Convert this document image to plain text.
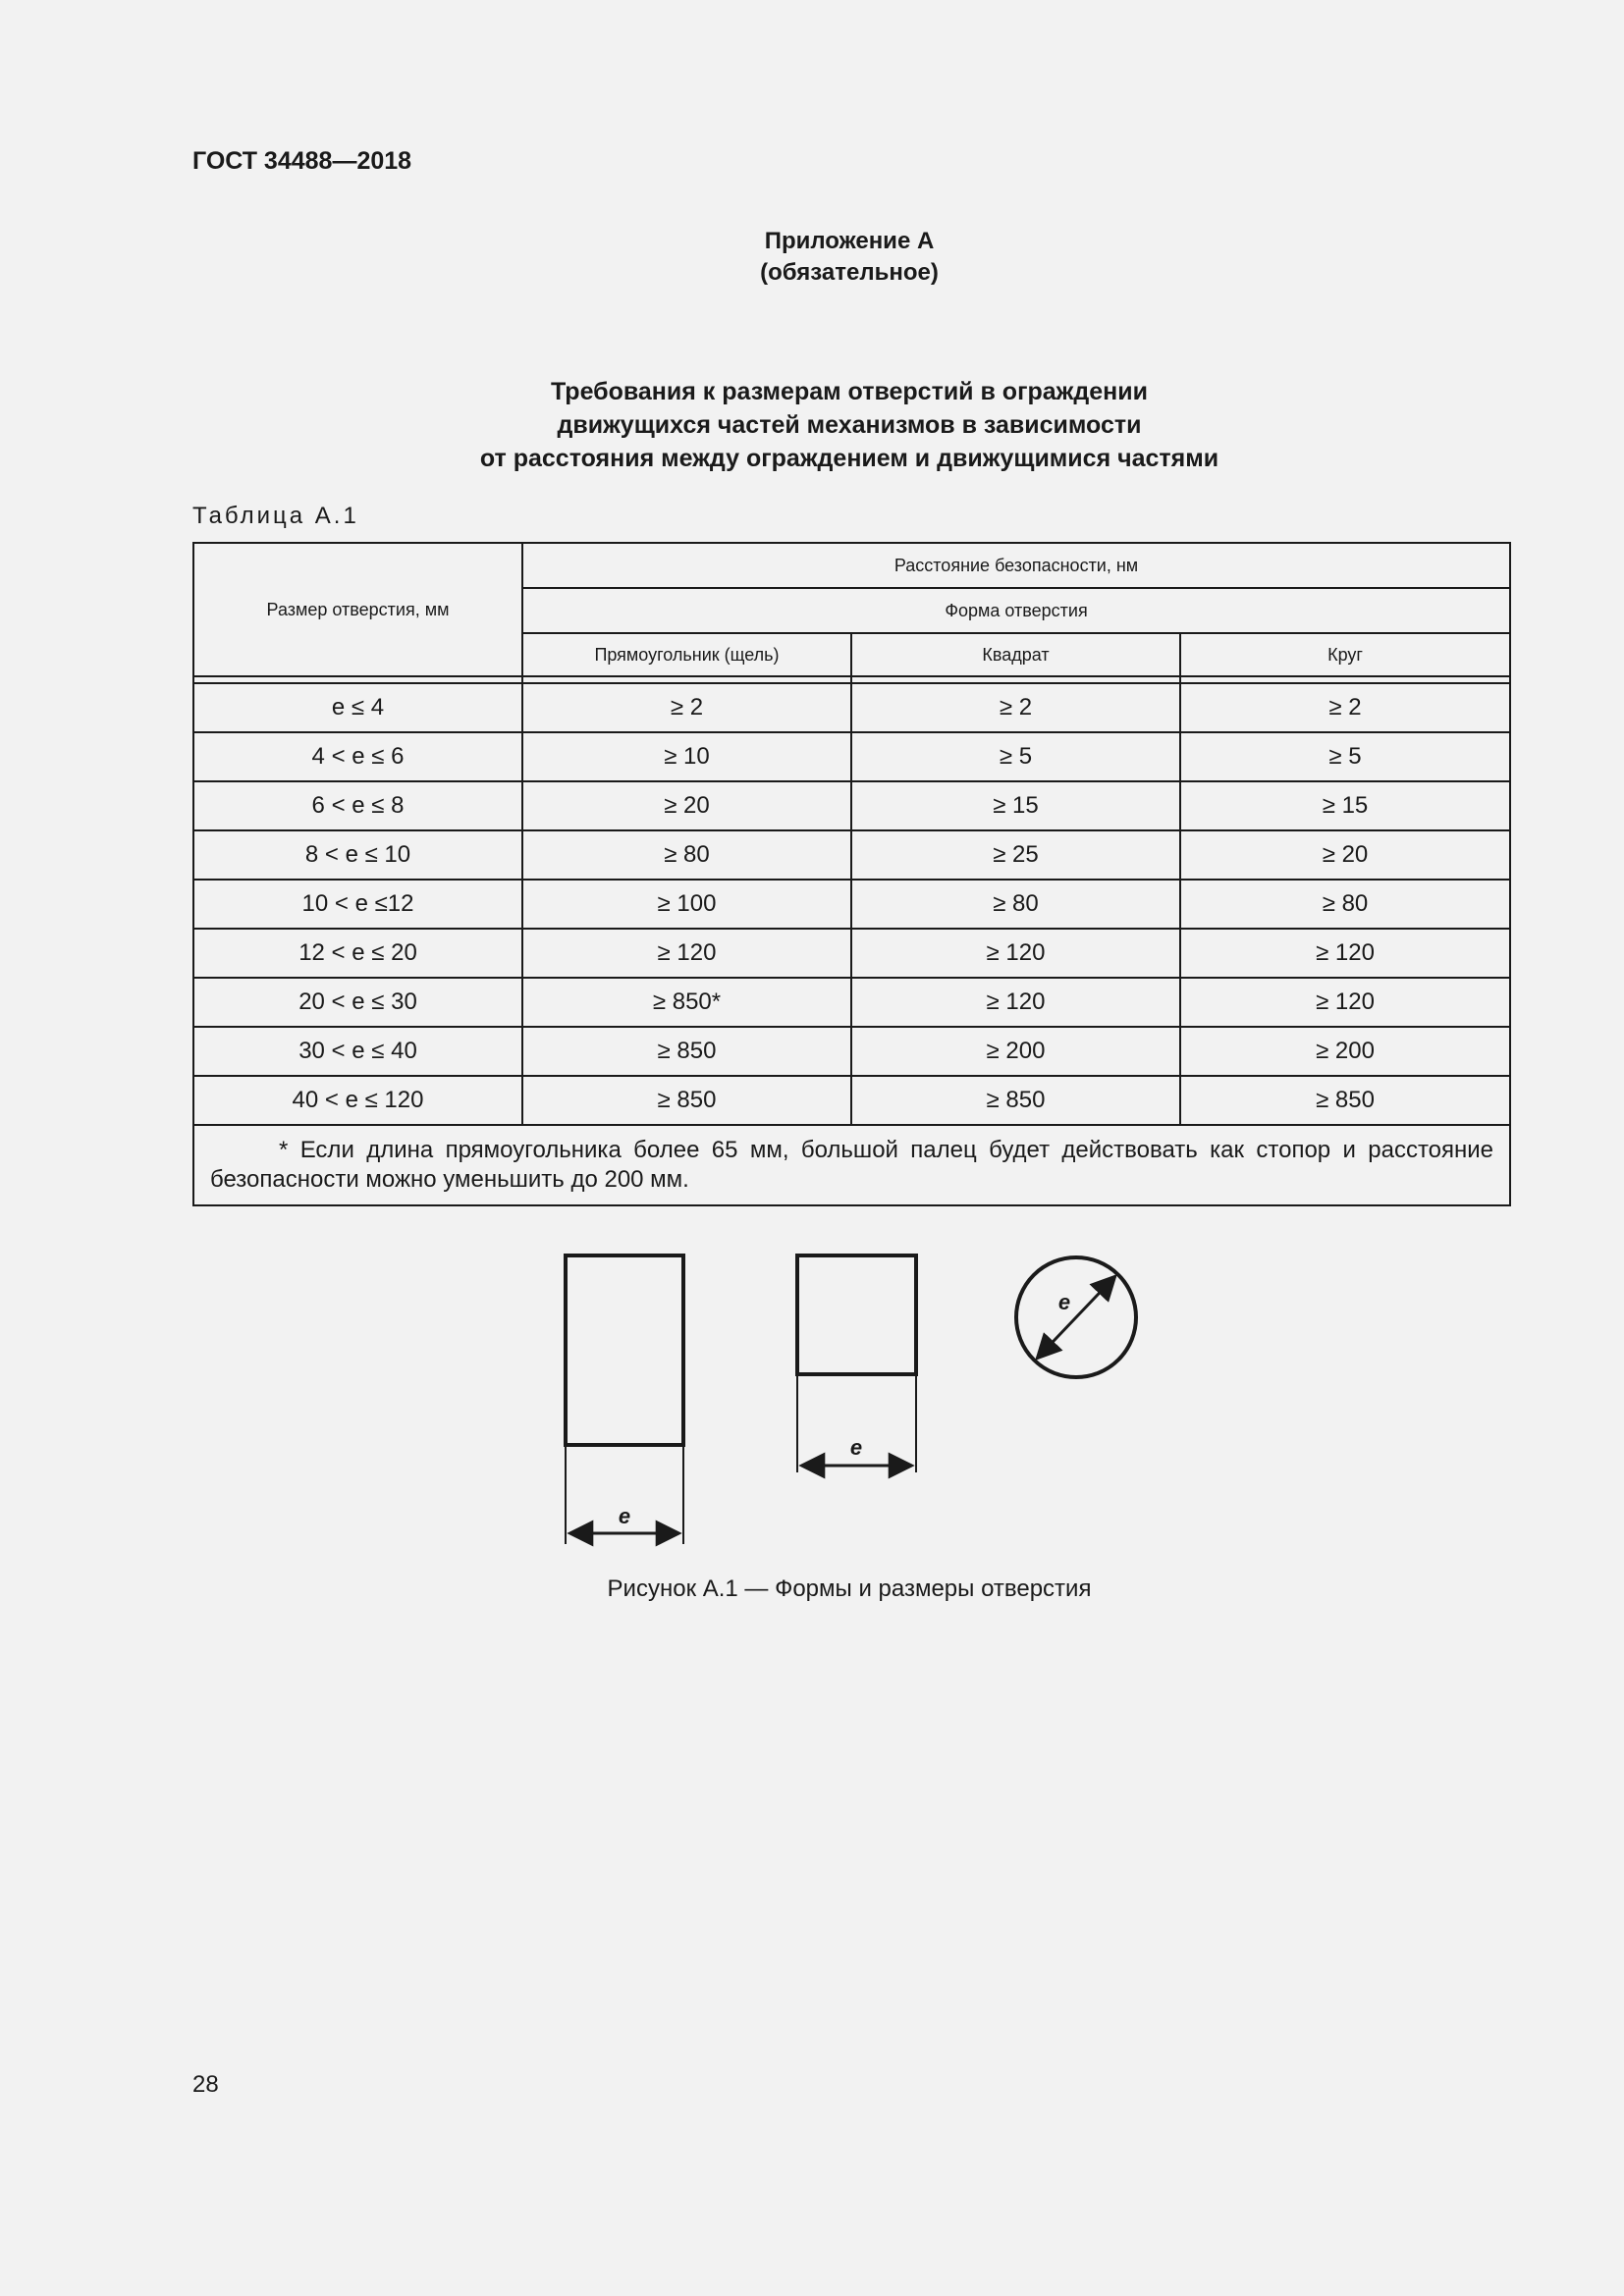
ГОСТ 34488—2018
Приложение А
(обязательное)
Требования к размерам отверстий в ограждении
движущихся частей механизмов в зависимости
от расстояния между ограждением и движущимися частями
Таблица А.1
Размер отверстия, мм	Расстояние безопасности, нм		
	Форма отверстия		
	Прямоугольник (щель)	Квадрат	Круг

e ≤ 4	≥ 2	≥ 2	≥ 2
4 < e ≤ 6	≥ 10	≥ 5	≥ 5
6 < e ≤ 8	≥ 20	≥ 15	≥ 15
8 < e ≤ 10	≥ 80	≥ 25	≥ 20
10 < e ≤12	≥ 100	≥ 80	≥ 80
12 < e ≤ 20	≥ 120	≥ 120	≥ 120
20 < e ≤ 30	≥ 850*	≥ 120	≥ 120
30 < e ≤ 40	≥ 850	≥ 200	≥ 200
40 < e ≤ 120	≥ 850	≥ 850	≥ 850
* Если длина прямоугольника более 65 мм, большой палец будет действовать как стопор и расстояние безопасности можно уменьшить до 200 мм.			
e
e
e
Рисунок А.1 — Формы и размеры отверстия
28
